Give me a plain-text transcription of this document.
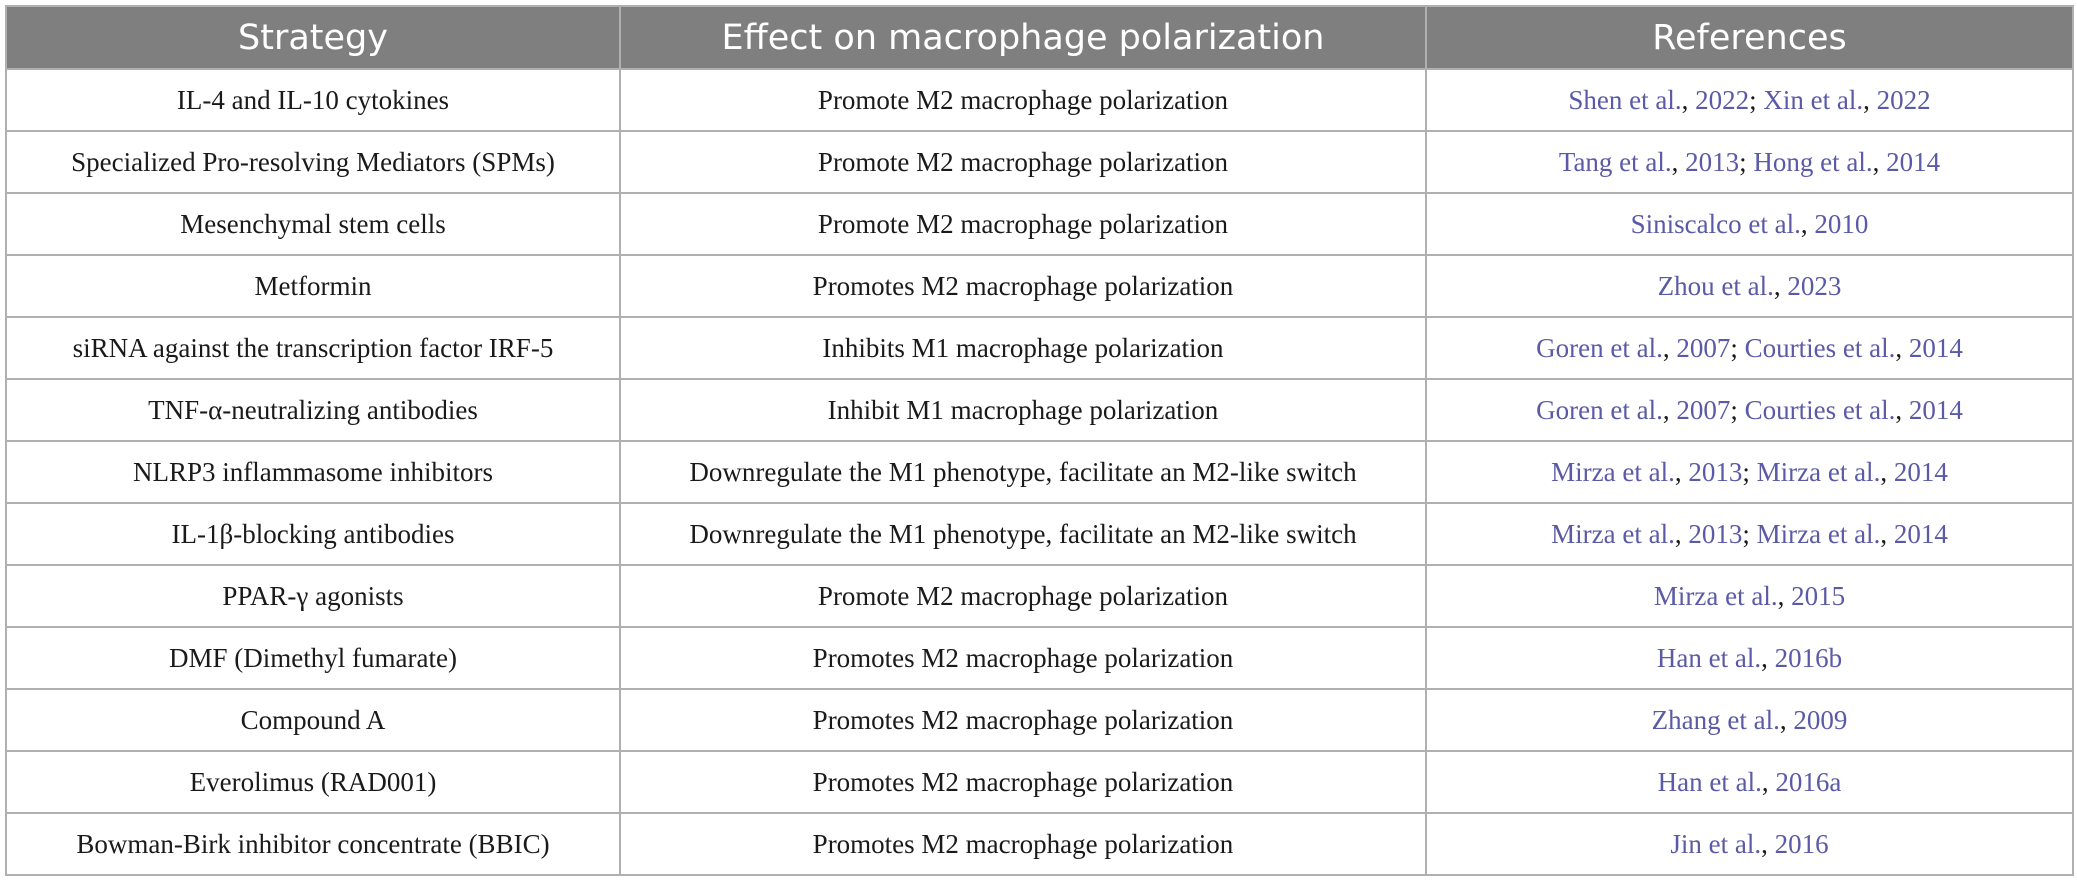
Strategy	Effect on macrophage polarization	References
IL-4 and IL-10 cytokines	Promote M2 macrophage polarization	Shen et al., 2022; Xin et al., 2022
Specialized Pro-resolving Mediators (SPMs)	Promote M2 macrophage polarization	Tang et al., 2013; Hong et al., 2014
Mesenchymal stem cells	Promote M2 macrophage polarization	Siniscalco et al., 2010
Metformin	Promotes M2 macrophage polarization	Zhou et al., 2023
siRNA against the transcription factor IRF-5	Inhibits M1 macrophage polarization	Goren et al., 2007; Courties et al., 2014
TNF-α-neutralizing antibodies	Inhibit M1 macrophage polarization	Goren et al., 2007; Courties et al., 2014
NLRP3 inflammasome inhibitors	Downregulate the M1 phenotype, facilitate an M2-like switch	Mirza et al., 2013; Mirza et al., 2014
IL-1β-blocking antibodies	Downregulate the M1 phenotype, facilitate an M2-like switch	Mirza et al., 2013; Mirza et al., 2014
PPAR-γ agonists	Promote M2 macrophage polarization	Mirza et al., 2015
DMF (Dimethyl fumarate)	Promotes M2 macrophage polarization	Han et al., 2016b
Compound A	Promotes M2 macrophage polarization	Zhang et al., 2009
Everolimus (RAD001)	Promotes M2 macrophage polarization	Han et al., 2016a
Bowman-Birk inhibitor concentrate (BBIC)	Promotes M2 macrophage polarization	Jin et al., 2016
